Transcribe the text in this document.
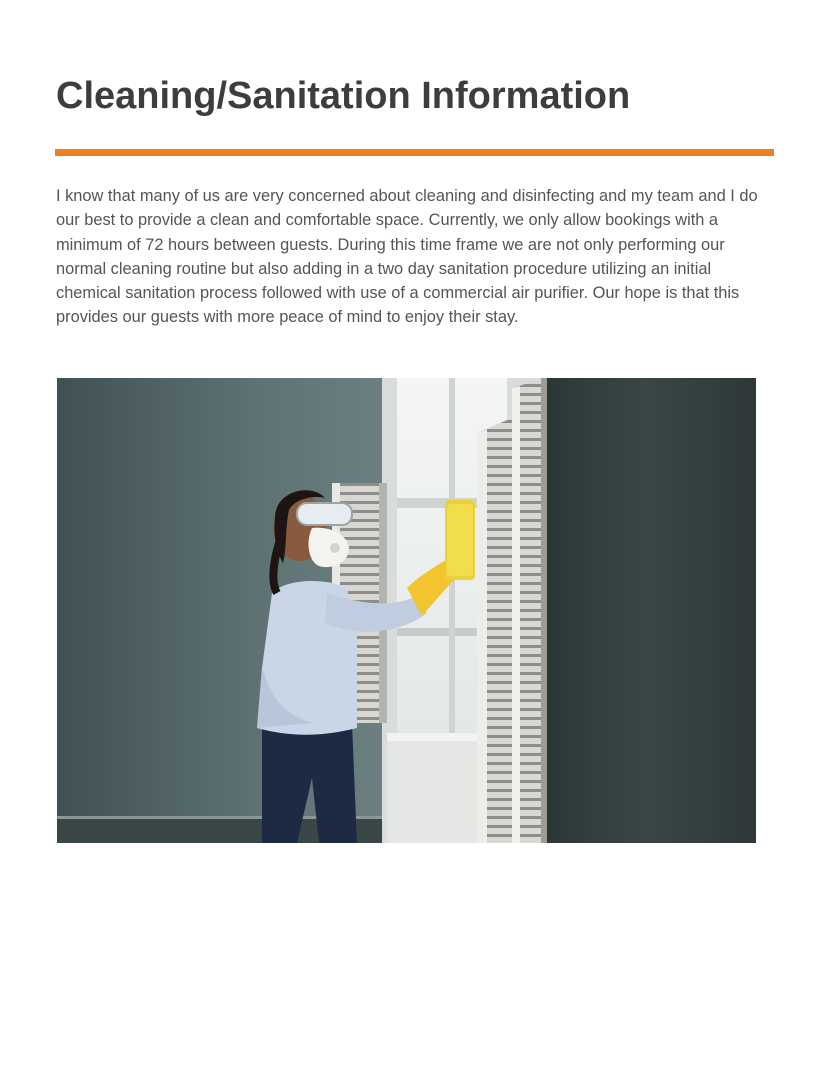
Cleaning/Sanitation Information

I know that many of us are very concerned about cleaning and disinfecting and my team and I do our best to provide a clean and comfortable space. Currently, we only allow bookings with a minimum of 72 hours between guests. During this time frame we are not only performing our normal cleaning routine but also adding in a two day sanitation procedure utilizing an initial chemical sanitation process followed with use of a commercial air purifier. Our hope is that this provides our guests with more peace of mind to enjoy their stay.
